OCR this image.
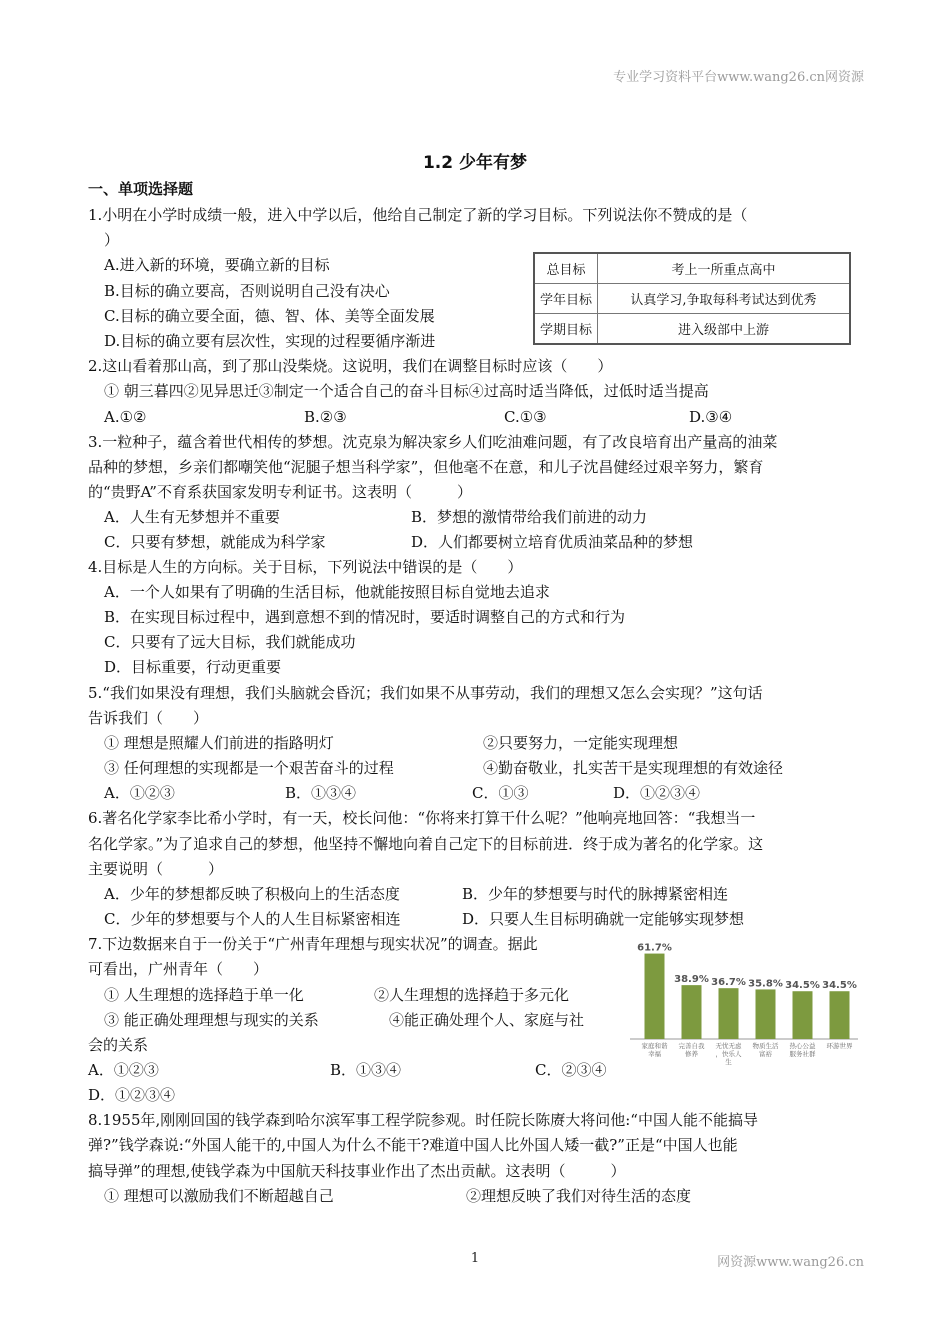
专业学习资料平台www.wang26.cn网资源
1.2 少年有梦
一、单项选择题
1.小明在小学时成绩一般，进入中学以后，他给自己制定了新的学习目标。下列说法你不赞成的是（
）
A.进入新的环境，要确立新的目标
B.目标的确立要高，否则说明自己没有决心
C.目标的确立要全面，德、智、体、美等全面发展
D.目标的确立要有层次性，实现的过程要循序渐进
总目标	考上一所重点高中
学年目标	认真学习,争取每科考试达到优秀
学期目标	进入级部中上游
2.这山看着那山高，到了那山没柴烧。这说明，我们在调整目标时应该（　　）
① 朝三暮四②见异思迁③制定一个适合自己的奋斗目标④过高时适当降低，过低时适当提高
A.①②	B.②③	C.①③	D.③④
3.一粒种子，蕴含着世代相传的梦想。沈克泉为解决家乡人们吃油难问题，有了改良培育出产量高的油菜
品种的梦想，乡亲们都嘲笑他“泥腿子想当科学家”，但他毫不在意，和儿子沈昌健经过艰辛努力，繁育
的“贵野A”不育系获国家发明专利证书。这表明（　　　）
A．人生有无梦想并不重要	B．梦想的激情带给我们前进的动力
C．只要有梦想，就能成为科学家	D．人们都要树立培育优质油菜品种的梦想
4.目标是人生的方向标。关于目标，下列说法中错误的是（　　）
A．一个人如果有了明确的生活目标，他就能按照目标自觉地去追求
B．在实现目标过程中，遇到意想不到的情况时，要适时调整自己的方式和行为
C．只要有了远大目标，我们就能成功
D．目标重要，行动更重要
5.“我们如果没有理想，我们头脑就会昏沉；我们如果不从事劳动，我们的理想又怎么会实现？”这句话
告诉我们（　　）
① 理想是照耀人们前进的指路明灯	②只要努力，一定能实现理想
③ 任何理想的实现都是一个艰苦奋斗的过程	④勤奋敬业，扎实苦干是实现理想的有效途径
A．①②③	B．①③④	C．①③	D．①②③④
6.著名化学家李比希小学时，有一天，校长问他：“你将来打算干什么呢？”他响亮地回答：“我想当一
名化学家。”为了追求自己的梦想，他坚持不懈地向着自己定下的目标前进．终于成为著名的化学家。这
主要说明（　　　）
A．少年的梦想都反映了积极向上的生活态度	B．少年的梦想要与时代的脉搏紧密相连
C．少年的梦想要与个人的人生目标紧密相连	D．只要人生目标明确就一定能够实现梦想
7.下边数据来自于一份关于“广州青年理想与现实状况”的调查。据此
可看出，广州青年（　　）
① 人生理想的选择趋于单一化	②人生理想的选择趋于多元化
③ 能正确处理理想与现实的关系	④能正确处理个人、家庭与社
会的关系
A．①②③	B．①③④	C．②③④
D．①②③④
61.7%
家庭和谐
幸福
38.9%
完善自我
修养
36.7%
无忧无虑
，快乐人
生
35.8%
物质生活
富裕
34.5%
热心公益
服务社群
34.5%
环游世界
8.1955年,刚刚回国的钱学森到哈尔滨军事工程学院参观。时任院长陈赓大将问他:“中国人能不能搞导
弹?”钱学森说:“外国人能干的,中国人为什么不能干?难道中国人比外国人矮一截?”正是“中国人也能
搞导弹”的理想,使钱学森为中国航天科技事业作出了杰出贡献。这表明（　　　）
① 理想可以激励我们不断超越自己	②理想反映了我们对待生活的态度
1	网资源www.wang26.cn
